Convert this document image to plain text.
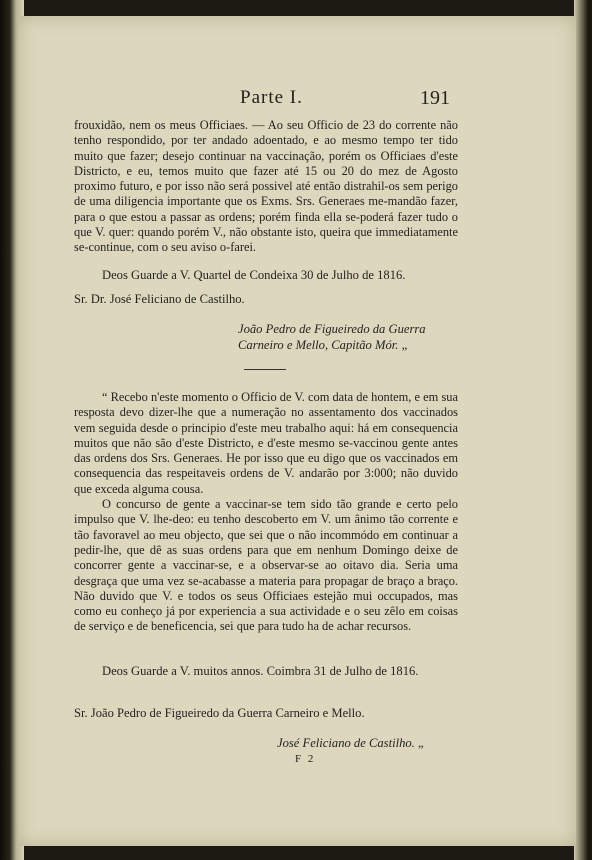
Parte I.	191

frouxidão, nem os meus Officiaes. — Ao seu Officio de 23 do corrente não tenho respondido, por ter andado adoentado, e ao mesmo tempo ter tido muito que fazer; desejo continuar na vaccinação, porém os Officiaes d'este Districto, e eu, temos muito que fazer até 15 ou 20 do mez de Agosto proximo futuro, e por isso não será possivel até então distrahil-os sem perigo de uma diligencia importante que os Exms. Srs. Generaes me-mandão fazer, para o que estou a passar as ordens; porém finda ella se-poderá fazer tudo o que V. quer: quando porém V., não obstante isto, queira que immediatamente se-continue, com o seu aviso o-farei.

Deos Guarde a V. Quartel de Condeixa 30 de Julho de 1816.
Sr. Dr. José Feliciano de Castilho.
João Pedro de Figueiredo da Guerra
Carneiro e Mello, Capitão Mór. „

“ Recebo n'este momento o Officio de V. com data de hontem, e em sua resposta devo dizer-lhe que a numeração no assentamento dos vaccinados vem seguida desde o principio d'este meu trabalho aqui: há em consequencia muitos que não são d'este Districto, e d'este mesmo se-vaccinou gente antes das ordens dos Srs. Generaes. He por isso que eu digo que os vaccinados em consequencia das respeitaveis ordens de V. andarão por 3:000; não duvido que exceda alguma cousa.

O concurso de gente a vaccinar-se tem sido tão grande e certo pelo impulso que V. lhe-deo: eu tenho descoberto em V. um ânimo tão corrente e tão favoravel ao meu objecto, que sei que o não incommódo em continuar a pedir-lhe, que dê as suas ordens para que em nenhum Domingo deixe de concorrer gente a vaccinar-se, e a observar-se ao oitavo dia. Seria uma desgraça que uma vez se-acabasse a materia para propagar de braço a braço. Não duvido que V. e todos os seus Officiaes estejão mui occupados, mas como eu conheço já por experiencia a sua actividade e o seu zêlo em coisas de serviço e de beneficencia, sei que para tudo ha de achar recursos.

Deos Guarde a V. muitos annos. Coimbra 31 de Julho de 1816.
Sr. João Pedro de Figueiredo da Guerra Carneiro e Mello.
José Feliciano de Castilho. „
F 2
